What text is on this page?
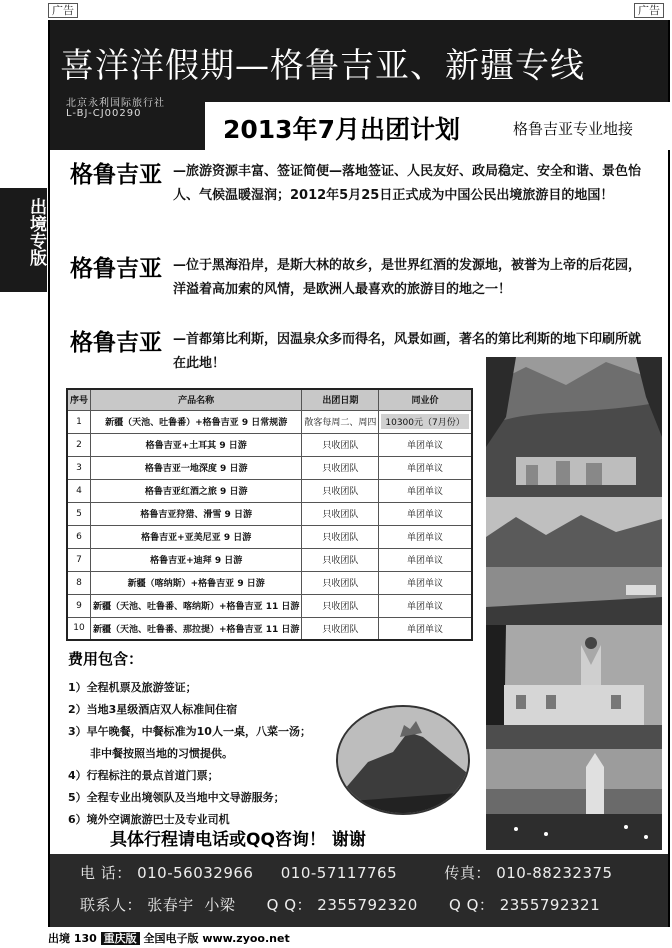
广告	广告
出境专版
喜洋洋假期—格鲁吉亚、新疆专线
北京永利国际旅行社
L-BJ-CJ00290
2013年7月出团计划	格鲁吉亚专业地接
格鲁吉亚 —旅游资源丰富、签证简便—落地签证、人民友好、政局稳定、安全和谐、景色怡人、气候温暖湿润；2012年5月25日正式成为中国公民出境旅游目的地国！
格鲁吉亚 —位于黑海沿岸，是斯大林的故乡，是世界红酒的发源地，被誉为上帝的后花园，洋溢着高加索的风情，是欧洲人最喜欢的旅游目的地之一！
格鲁吉亚 —首都第比利斯，因温泉众多而得名，风景如画，著名的第比利斯的地下印刷所就在此地！
序号	产品名称	出团日期	同业价
1	新疆（天池、吐鲁番）+格鲁吉亚 9 日常规游	散客每周二、周四	10300元（7月份）
2	格鲁吉亚+土耳其 9 日游	只收团队	单团单议
3	格鲁吉亚一地深度 9 日游	只收团队	单团单议
4	格鲁吉亚红酒之旅 9 日游	只收团队	单团单议
5	格鲁吉亚狩猎、滑雪 9 日游	只收团队	单团单议
6	格鲁吉亚+亚美尼亚 9 日游	只收团队	单团单议
7	格鲁吉亚+迪拜 9 日游	只收团队	单团单议
8	新疆（喀纳斯）+格鲁吉亚 9 日游	只收团队	单团单议
9	新疆（天池、吐鲁番、喀纳斯）+格鲁吉亚 11 日游	只收团队	单团单议
10	新疆（天池、吐鲁番、那拉提）+格鲁吉亚 11 日游	只收团队	单团单议
费用包含：
1）全程机票及旅游签证；
2）当地3星级酒店双人标准间住宿
3）早午晚餐，中餐标准为10人一桌，八菜一汤；
非中餐按照当地的习惯提供。
4）行程标注的景点首道门票；
5）全程专业出境领队及当地中文导游服务；
6）境外空调旅游巴士及专业司机
具体行程请电话或QQ咨询！ 谢谢
电 话： 010-56032966 010-57117765	传真： 010-88232375
联系人： 张春宇  小梁 Q Q： 2355792320 Q Q： 2355792321
出境 130 重庆版 全国电子版 www.zyoo.net
